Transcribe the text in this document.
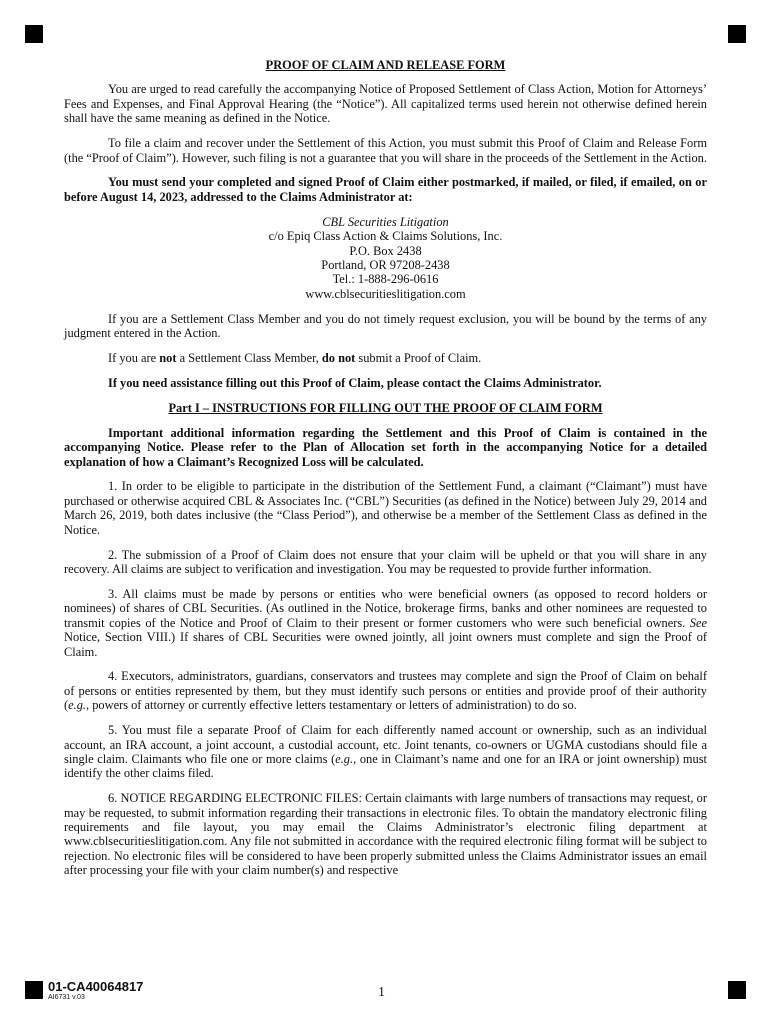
PROOF OF CLAIM AND RELEASE FORM

You are urged to read carefully the accompanying Notice of Proposed Settlement of Class Action, Motion for Attorneys’ Fees and Expenses, and Final Approval Hearing (the “Notice”). All capitalized terms used herein not otherwise defined herein shall have the same meaning as defined in the Notice.

To file a claim and recover under the Settlement of this Action, you must submit this Proof of Claim and Release Form (the “Proof of Claim”). However, such filing is not a guarantee that you will share in the proceeds of the Settlement in the Action.

You must send your completed and signed Proof of Claim either postmarked, if mailed, or filed, if emailed, on or before August 14, 2023, addressed to the Claims Administrator at:

CBL Securities Litigation
c/o Epiq Class Action & Claims Solutions, Inc.
P.O. Box 2438
Portland, OR 97208-2438
Tel.: 1-888-296-0616
www.cblsecuritieslitigation.com

If you are a Settlement Class Member and you do not timely request exclusion, you will be bound by the terms of any judgment entered in the Action.

If you are not a Settlement Class Member, do not submit a Proof of Claim.

If you need assistance filling out this Proof of Claim, please contact the Claims Administrator.

Part I – INSTRUCTIONS FOR FILLING OUT THE PROOF OF CLAIM FORM

Important additional information regarding the Settlement and this Proof of Claim is contained in the accompanying Notice. Please refer to the Plan of Allocation set forth in the accompanying Notice for a detailed explanation of how a Claimant’s Recognized Loss will be calculated.

1. In order to be eligible to participate in the distribution of the Settlement Fund, a claimant (“Claimant”) must have purchased or otherwise acquired CBL & Associates Inc. (“CBL”) Securities (as defined in the Notice) between July 29, 2014 and March 26, 2019, both dates inclusive (the “Class Period”), and otherwise be a member of the Settlement Class as defined in the Notice.

2. The submission of a Proof of Claim does not ensure that your claim will be upheld or that you will share in any recovery. All claims are subject to verification and investigation. You may be requested to provide further information.

3. All claims must be made by persons or entities who were beneficial owners (as opposed to record holders or nominees) of shares of CBL Securities. (As outlined in the Notice, brokerage firms, banks and other nominees are requested to transmit copies of the Notice and Proof of Claim to their present or former customers who were such beneficial owners. See Notice, Section VIII.) If shares of CBL Securities were owned jointly, all joint owners must complete and sign the Proof of Claim.

4. Executors, administrators, guardians, conservators and trustees may complete and sign the Proof of Claim on behalf of persons or entities represented by them, but they must identify such persons or entities and provide proof of their authority (e.g., powers of attorney or currently effective letters testamentary or letters of administration) to do so.

5. You must file a separate Proof of Claim for each differently named account or ownership, such as an individual account, an IRA account, a joint account, a custodial account, etc. Joint tenants, co-owners or UGMA custodians should file a single claim. Claimants who file one or more claims (e.g., one in Claimant’s name and one for an IRA or joint ownership) must identify the other claims filed.

6. NOTICE REGARDING ELECTRONIC FILES: Certain claimants with large numbers of transactions may request, or may be requested, to submit information regarding their transactions in electronic files. To obtain the mandatory electronic filing requirements and file layout, you may email the Claims Administrator’s electronic filing department at www.cblsecuritieslitigation.com. Any file not submitted in accordance with the required electronic filing format will be subject to rejection. No electronic files will be considered to have been properly submitted unless the Claims Administrator issues an email after processing your file with your claim number(s) and respective

01-CA40064817
AI6731 v.03	1
